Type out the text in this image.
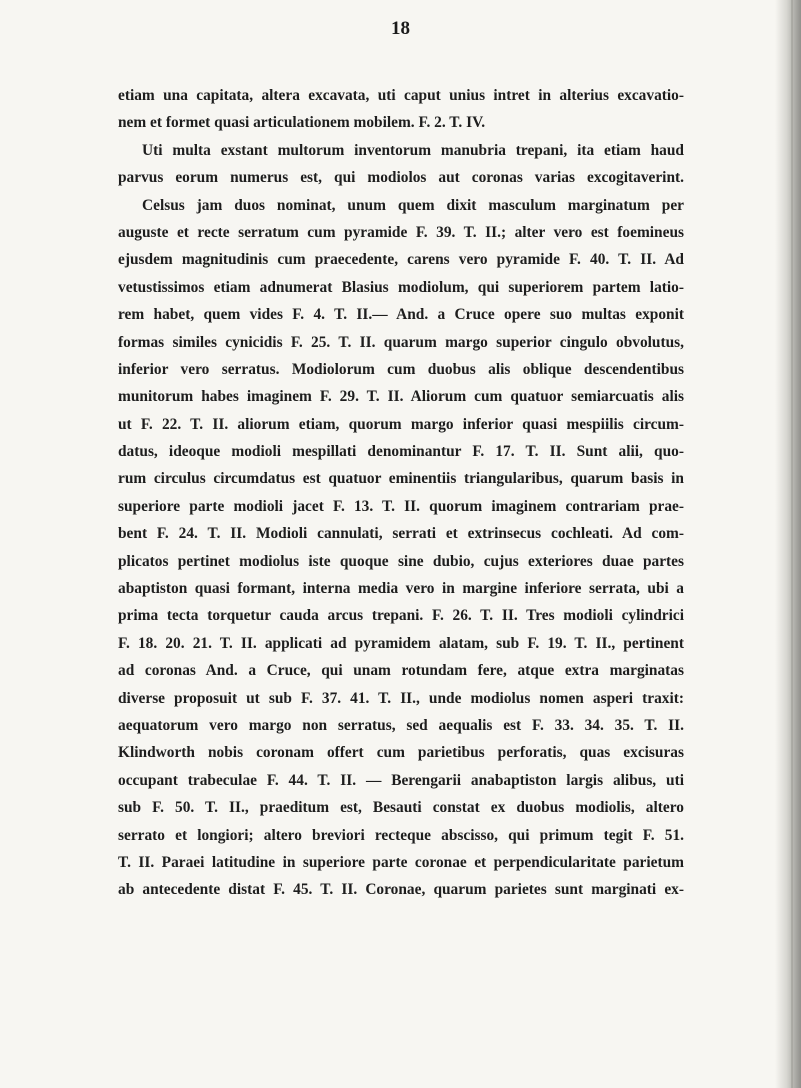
18
etiam una capitata, altera excavata, uti caput unius intret in alterius excavatio-
nem et formet quasi articulationem mobilem. F. 2. T. IV.
Uti multa exstant multorum inventorum manubria trepani, ita etiam haud
parvus eorum numerus est, qui modiolos aut coronas varias excogitaverint.
Celsus jam duos nominat, unum quem dixit masculum marginatum per
auguste et recte serratum cum pyramide F. 39. T. II.; alter vero est foemineus
ejusdem magnitudinis cum praecedente, carens vero pyramide F. 40. T. II. Ad
vetustissimos etiam adnumerat Blasius modiolum, qui superiorem partem latio-
rem habet, quem vides F. 4. T. II.— And. a Cruce opere suo multas exponit
formas similes cynicidis F. 25. T. II. quarum margo superior cingulo obvolutus,
inferior vero serratus. Modiolorum cum duobus alis oblique descendentibus
munitorum habes imaginem F. 29. T. II. Aliorum cum quatuor semiarcuatis alis
ut F. 22. T. II. aliorum etiam, quorum margo inferior quasi mespiilis circum-
datus, ideoque modioli mespillati denominantur F. 17. T. II. Sunt alii, quo-
rum circulus circumdatus est quatuor eminentiis triangularibus, quarum basis in
superiore parte modioli jacet F. 13. T. II. quorum imaginem contrariam prae-
bent F. 24. T. II. Modioli cannulati, serrati et extrinsecus cochleati. Ad com-
plicatos pertinet modiolus iste quoque sine dubio, cujus exteriores duae partes
abaptiston quasi formant, interna media vero in margine inferiore serrata, ubi a
prima tecta torquetur cauda arcus trepani. F. 26. T. II. Tres modioli cylindrici
F. 18. 20. 21. T. II. applicati ad pyramidem alatam, sub F. 19. T. II., pertinent
ad coronas And. a Cruce, qui unam rotundam fere, atque extra marginatas
diverse proposuit ut sub F. 37. 41. T. II., unde modiolus nomen asperi traxit:
aequatorum vero margo non serratus, sed aequalis est F. 33. 34. 35. T. II.
Klindworth nobis coronam offert cum parietibus perforatis, quas excisuras
occupant trabeculae F. 44. T. II. — Berengarii anabaptiston largis alibus, uti
sub F. 50. T. II., praeditum est, Besauti constat ex duobus modiolis, altero
serrato et longiori; altero breviori recteque abscisso, qui primum tegit F. 51.
T. II. Paraei latitudine in superiore parte coronae et perpendicularitate parietum
ab antecedente distat F. 45. T. II. Coronae, quarum parietes sunt marginati ex-
